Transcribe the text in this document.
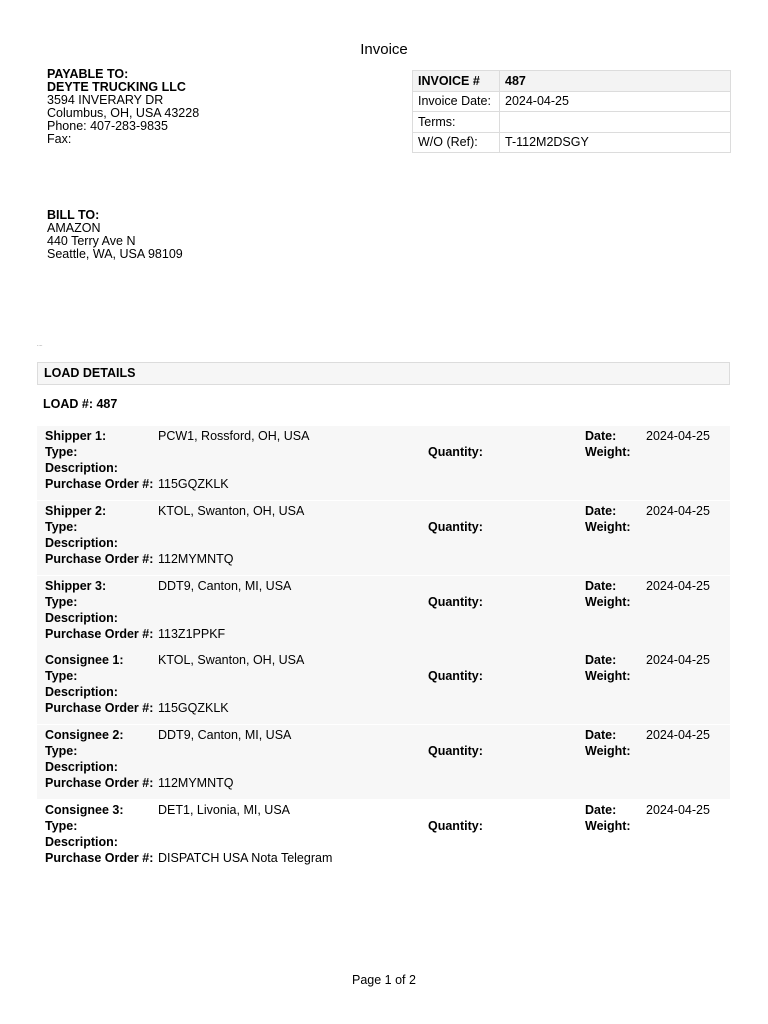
Invoice
PAYABLE TO:
DEYTE TRUCKING LLC
3594 INVERARY DR
Columbus, OH, USA 43228
Phone: 407-283-9835
Fax:
INVOICE #	487
Invoice Date:	2024-04-25
Terms:	
W/O (Ref):	T-112M2DSGY
BILL TO:
AMAZON
440 Terry Ave N
Seattle, WA, USA 98109
....
LOAD DETAILS
LOAD #: 487
Shipper 1:	PCW1, Rossford, OH, USA
Type:
Description:
Purchase Order #: 115GQZKLK
Quantity:
Date: 2024-04-25
Weight:
Shipper 2:	KTOL, Swanton, OH, USA
Type:
Description:
Purchase Order #: 112MYMNTQ
Quantity:
Date: 2024-04-25
Weight:
Shipper 3:	DDT9, Canton, MI, USA
Type:
Description:
Purchase Order #: 113Z1PPKF
Quantity:
Date: 2024-04-25
Weight:
Consignee 1:	KTOL, Swanton, OH, USA
Type:
Description:
Purchase Order #: 115GQZKLK
Quantity:
Date: 2024-04-25
Weight:
Consignee 2:	DDT9, Canton, MI, USA
Type:
Description:
Purchase Order #: 112MYMNTQ
Quantity:
Date: 2024-04-25
Weight:
Consignee 3:	DET1, Livonia, MI, USA
Type:
Description:
Purchase Order #: DISPATCH USA Nota Telegram
Quantity:
Date: 2024-04-25
Weight:
Page 1 of 2
